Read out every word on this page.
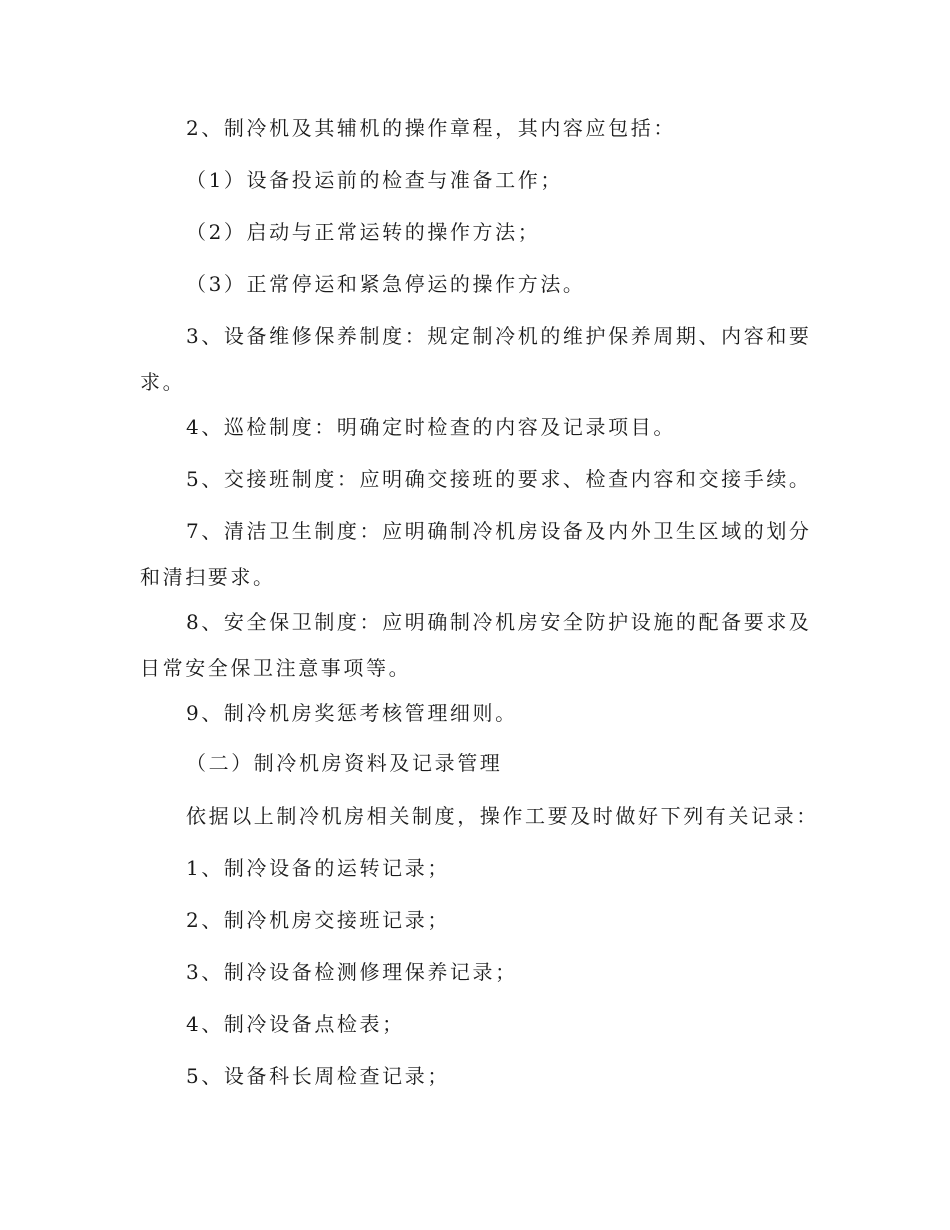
2、制冷机及其辅机的操作章程，其内容应包括：
（1）设备投运前的检查与准备工作；
（2）启动与正常运转的操作方法；
（3）正常停运和紧急停运的操作方法。
3、设备维修保养制度：规定制冷机的维护保养周期、内容和要求。
4、巡检制度：明确定时检查的内容及记录项目。
5、交接班制度：应明确交接班的要求、检查内容和交接手续。
7、清洁卫生制度：应明确制冷机房设备及内外卫生区域的划分和清扫要求。
8、安全保卫制度：应明确制冷机房安全防护设施的配备要求及日常安全保卫注意事项等。
9、制冷机房奖惩考核管理细则。
（二）制冷机房资料及记录管理
依据以上制冷机房相关制度，操作工要及时做好下列有关记录：
1、制冷设备的运转记录；
2、制冷机房交接班记录；
3、制冷设备检测修理保养记录；
4、制冷设备点检表；
5、设备科长周检查记录；
